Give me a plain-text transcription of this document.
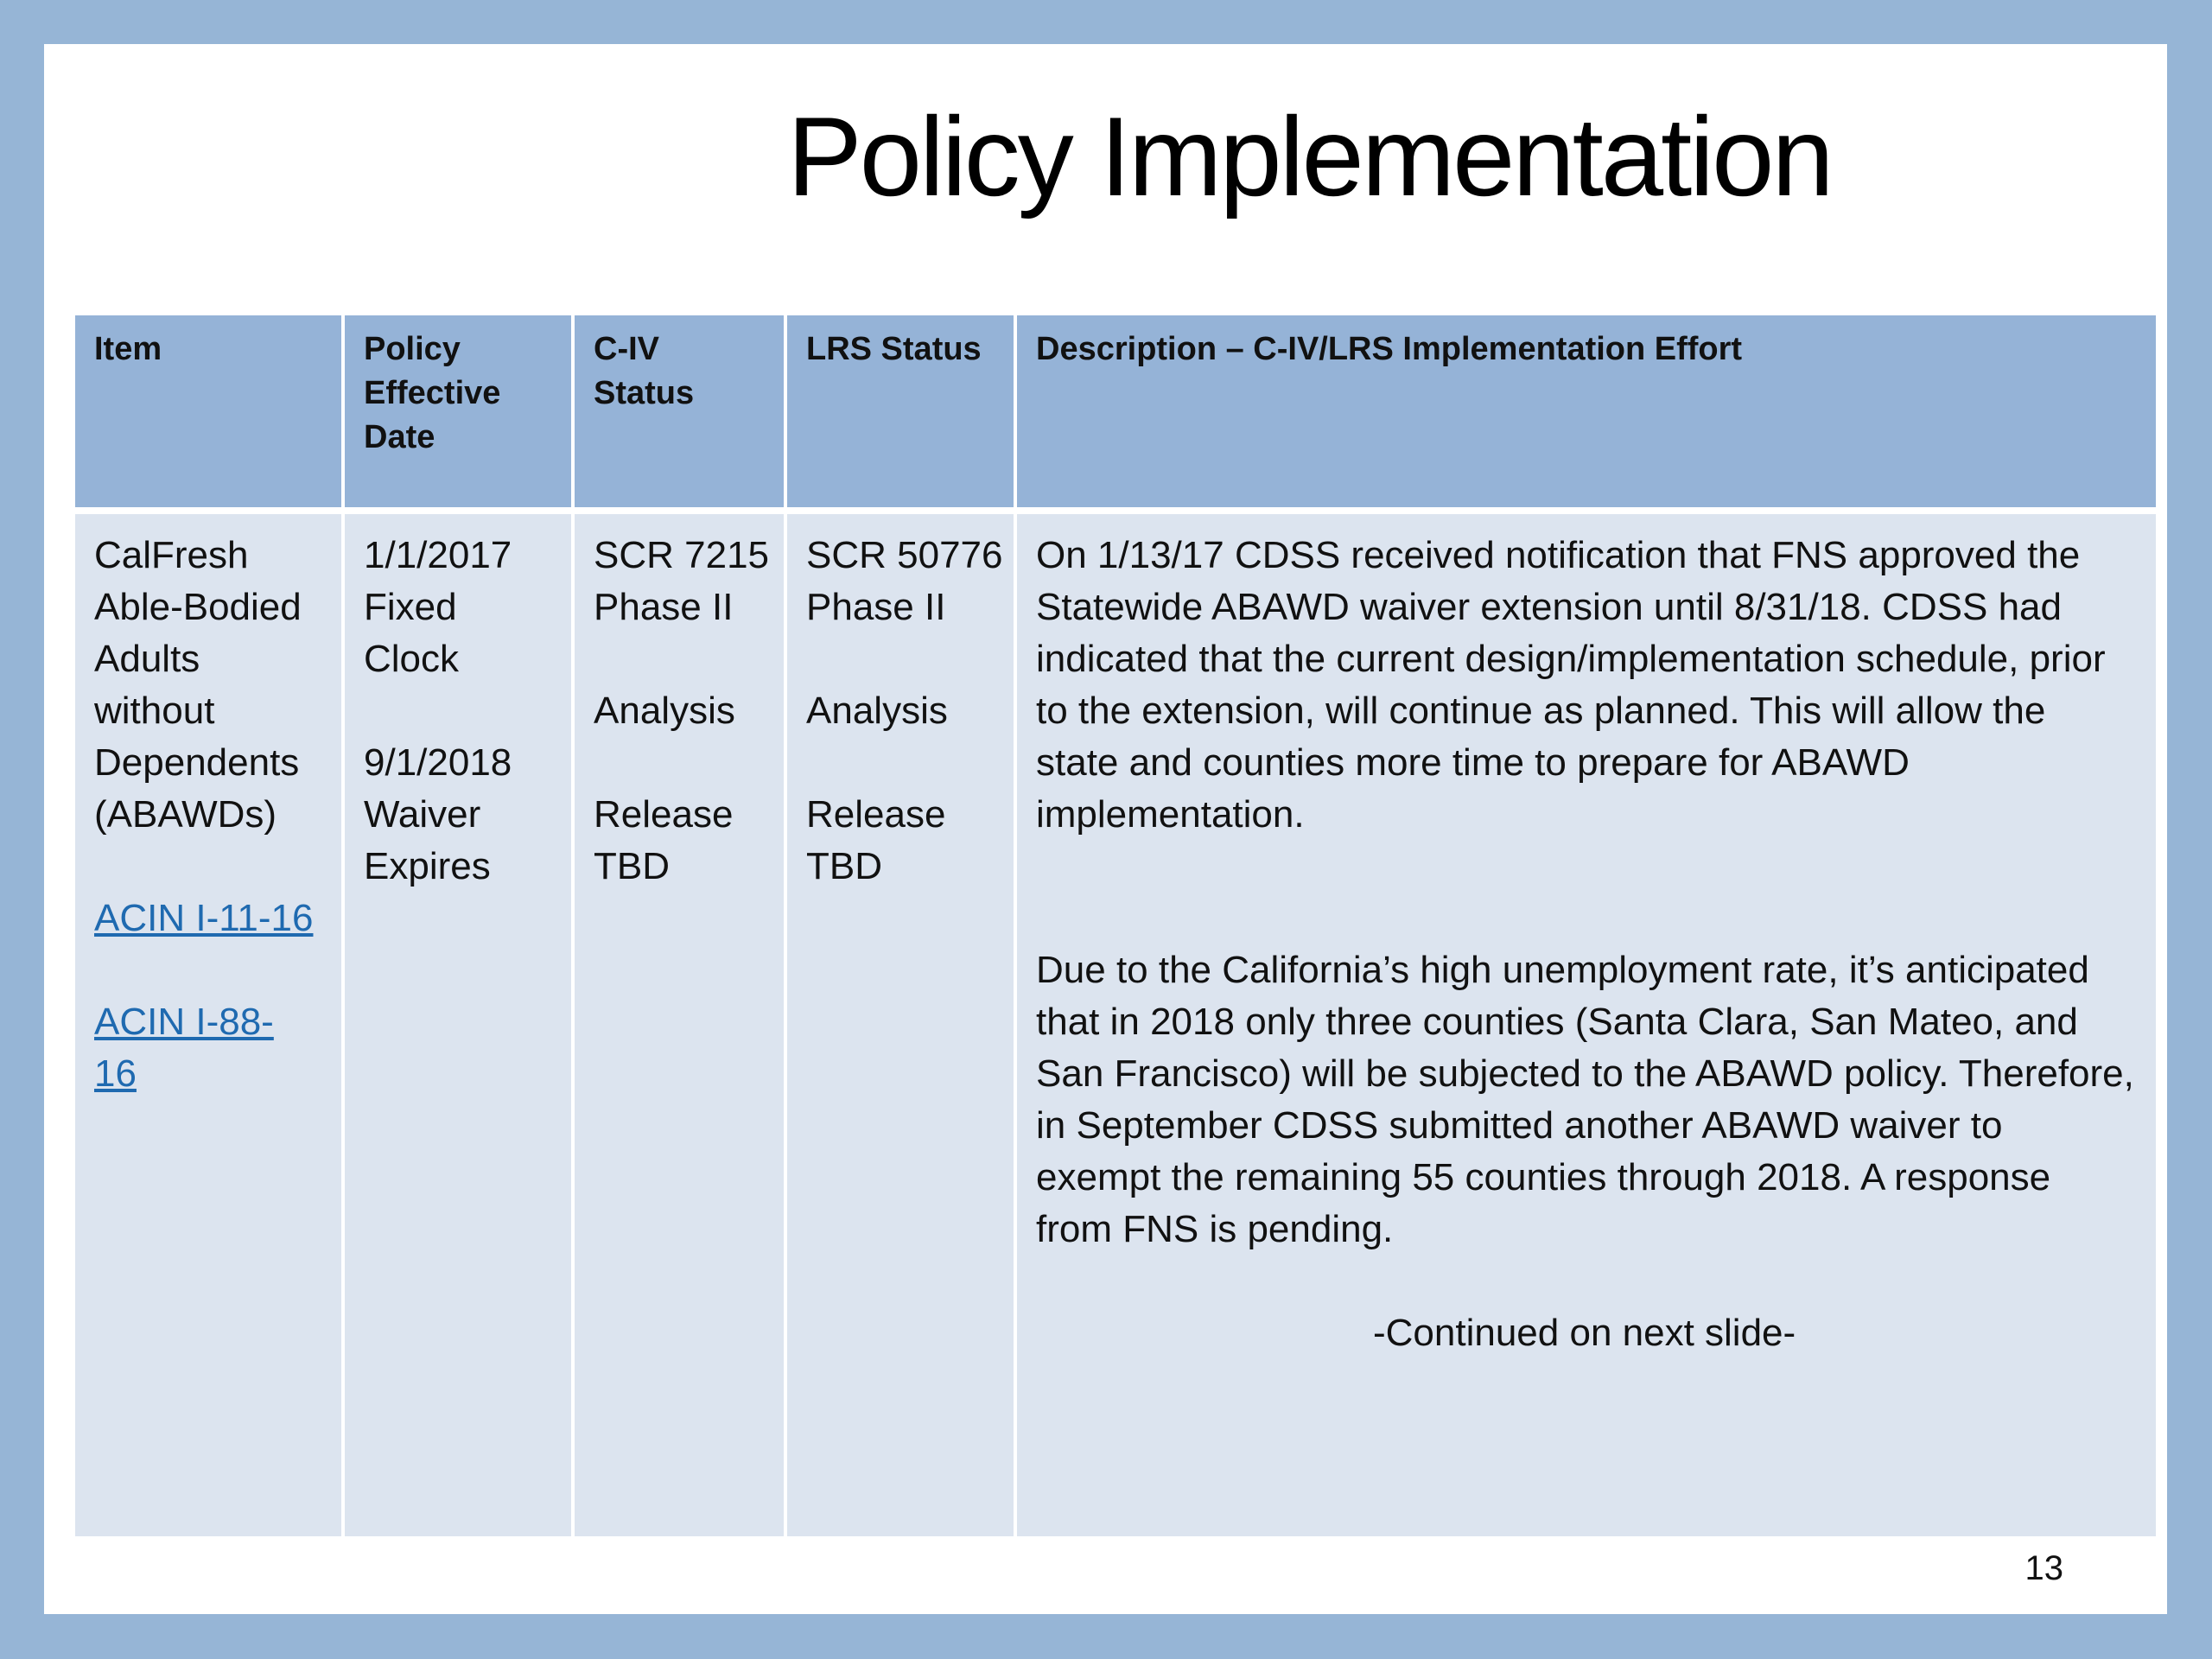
Policy Implementation
Item	Policy
Effective
Date
C-IV
Status
LRS Status	Description – C-IV/LRS Implementation Effort
CalFresh
Able-Bodied
Adults
without
Dependents
(ABAWDs)
ACIN I-11-16
ACIN I-88-
16
1/1/2017
Fixed
Clock
9/1/2018
Waiver
Expires
SCR 7215
Phase II
Analysis
Release
TBD
SCR 50776
Phase II
Analysis
Release
TBD
On 1/13/17 CDSS received notification that FNS approved the Statewide ABAWD waiver extension until 8/31/18. CDSS had indicated that the current design/implementation schedule, prior to the extension, will continue as planned. This will allow the state and counties more time to prepare for ABAWD implementation.
Due to the California’s high unemployment rate, it’s anticipated that in 2018 only three counties (Santa Clara, San Mateo, and San Francisco) will be subjected to the ABAWD policy. Therefore, in September CDSS submitted another ABAWD waiver to exempt the remaining 55 counties through 2018. A response from FNS is pending.
-Continued on next slide-
13
